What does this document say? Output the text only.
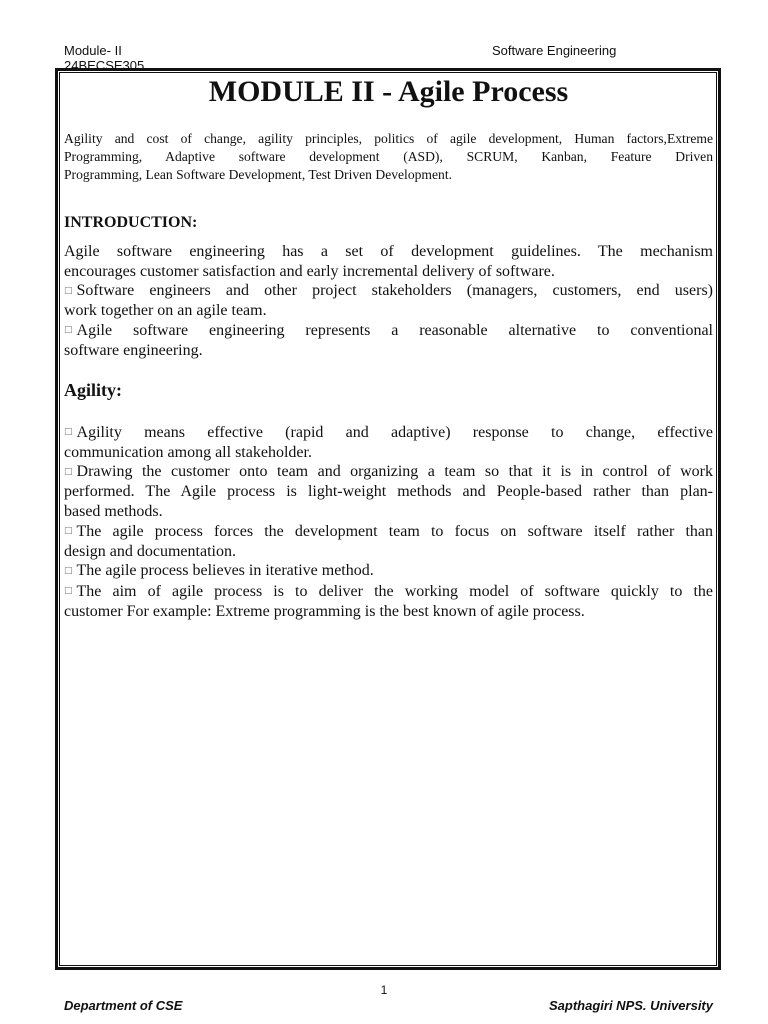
Module- II
24BECSE305
Software Engineering
MODULE II - Agile Process
Agility and cost of change, agility principles, politics of agile development, Human factors,Extreme
Programming, Adaptive software development (ASD), SCRUM, Kanban, Feature Driven
Programming, Lean Software Development, Test Driven Development.
INTRODUCTION:
Agile software engineering has a set of development guidelines. The mechanism
encourages customer satisfaction and early incremental delivery of software.
□ Software engineers and other project stakeholders (managers, customers, end users)
work together on an agile team.
□ Agile software engineering represents a reasonable alternative to conventional
software engineering.
Agility:
□ Agility means effective (rapid and adaptive) response to change, effective
communication among all stakeholder.
□ Drawing the customer onto team and organizing a team so that it is in control of work
performed. The Agile process is light-weight methods and People-based rather than plan-
based methods.
□ The agile process forces the development team to focus on software itself rather than
design and documentation.
□ The agile process believes in iterative method.
□ The aim of agile process is to deliver the working model of software quickly to the
customer For example: Extreme programming is the best known of agile process.
1
Department of CSE	Sapthagiri NPS. University
